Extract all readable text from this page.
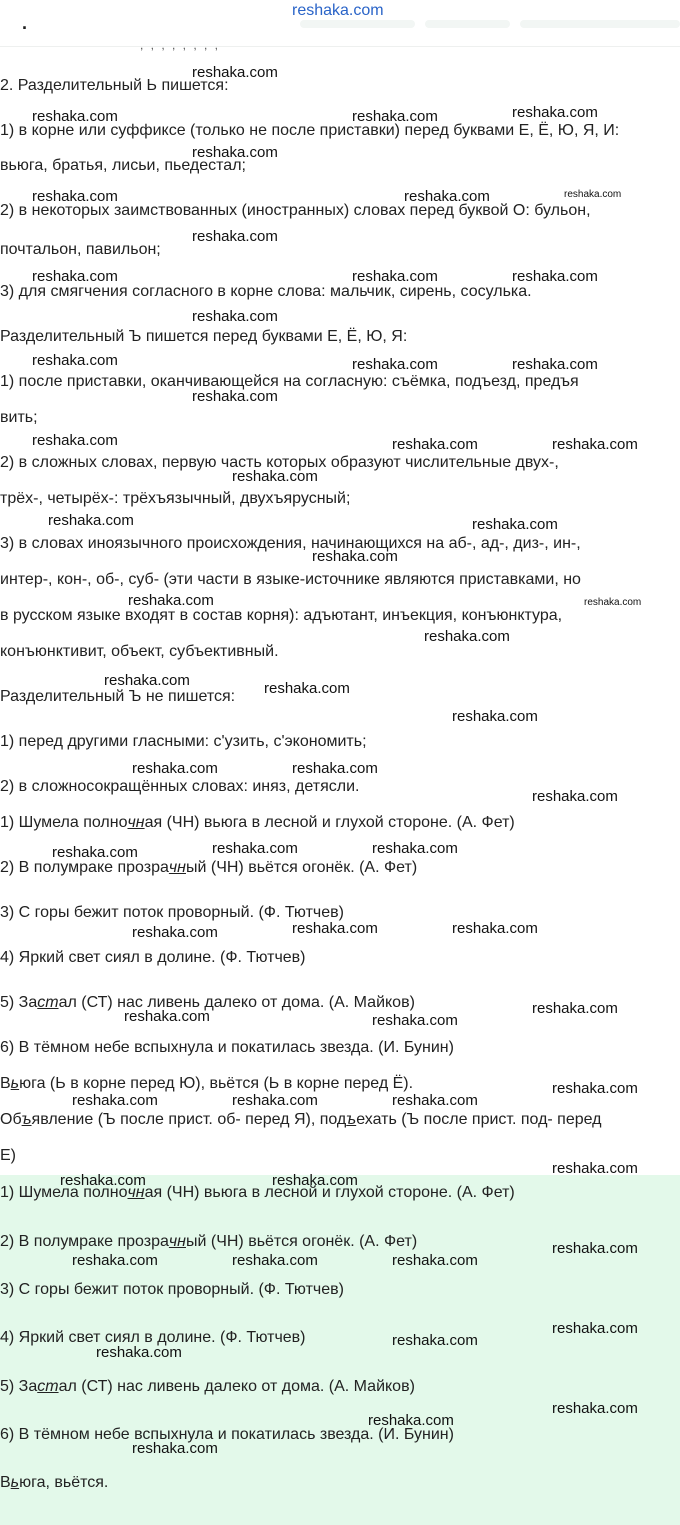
.
reshaka.com
, , , , , , , ,
2. Разделительный Ь пишется:
1) в корне или суффиксе (только не после приставки) перед буквами Е, Ё, Ю, Я, И:
вьюга, братья, лисьи, пьедестал;
2) в некоторых заимствованных (иностранных) словах перед буквой О: бульон,
почтальон, павильон;
3) для смягчения согласного в корне слова: мальчик, сирень, сосулька.
Разделительный Ъ пишется перед буквами Е, Ё, Ю, Я:
1) после приставки, оканчивающейся на согласную: съёмка, подъезд, предъя
вить;
2) в сложных словах, первую часть которых образуют числительные двух-,
трёх-, четырёх-: трёхъязычный, двухъярусный;
3) в словах иноязычного происхождения, начинающихся на аб-, ад-, диз-, ин-,
интер-, кон-, об-, суб- (эти части в языке-источнике являются приставками, но
в русском языке входят в состав корня): адъютант, инъекция, конъюнктура,
конъюнктивит, объект, субъективный.
Разделительный Ъ не пишется:
1) перед другими гласными: с'узить, с'экономить;
2) в сложносокращённых словах: иняз, детясли.
1) Шумела полночная (ЧН) вьюга в лесной и глухой стороне. (А. Фет)
2) В полумраке прозрачный (ЧН) вьётся огонёк. (А. Фет)
3) С горы бежит поток проворный. (Ф. Тютчев)
4) Яркий свет сиял в долине. (Ф. Тютчев)
5) Застал (СТ) нас ливень далеко от дома. (А. Майков)
6) В тёмном небе вспыхнула и покатилась звезда. (И. Бунин)
Вьюга (Ь в корне перед Ю), вьётся (Ь в корне перед Ё).
Объявление (Ъ после прист. об- перед Я), подъехать (Ъ после прист. под- перед
Е)
1) Шумела полночная (ЧН) вьюга в лесной и глухой стороне. (А. Фет)
2) В полумраке прозрачный (ЧН) вьётся огонёк. (А. Фет)
3) С горы бежит поток проворный. (Ф. Тютчев)
4) Яркий свет сиял в долине. (Ф. Тютчев)
5) Застал (СТ) нас ливень далеко от дома. (А. Майков)
6) В тёмном небе вспыхнула и покатилась звезда. (И. Бунин)
Вьюга, вьётся.
reshaka.com
reshaka.com	reshaka.com	reshaka.com
reshaka.com
reshaka.com	reshaka.com	reshaka.com
reshaka.com
reshaka.com	reshaka.com	reshaka.com
reshaka.com
reshaka.com	reshaka.com	reshaka.com
reshaka.com
reshaka.com	reshaka.com	reshaka.com
reshaka.com
reshaka.com	reshaka.com
reshaka.com
reshaka.com	reshaka.com
reshaka.com
reshaka.com	reshaka.com
reshaka.com
reshaka.com	reshaka.com
reshaka.com
reshaka.com	reshaka.com	reshaka.com
reshaka.com	reshaka.com	reshaka.com
reshaka.com
reshaka.com	reshaka.com
reshaka.com
reshaka.com	reshaka.com	reshaka.com
reshaka.com
reshaka.com	reshaka.com
reshaka.com
reshaka.com	reshaka.com	reshaka.com
reshaka.com
reshaka.com
reshaka.com
reshaka.com
reshaka.com
reshaka.com
